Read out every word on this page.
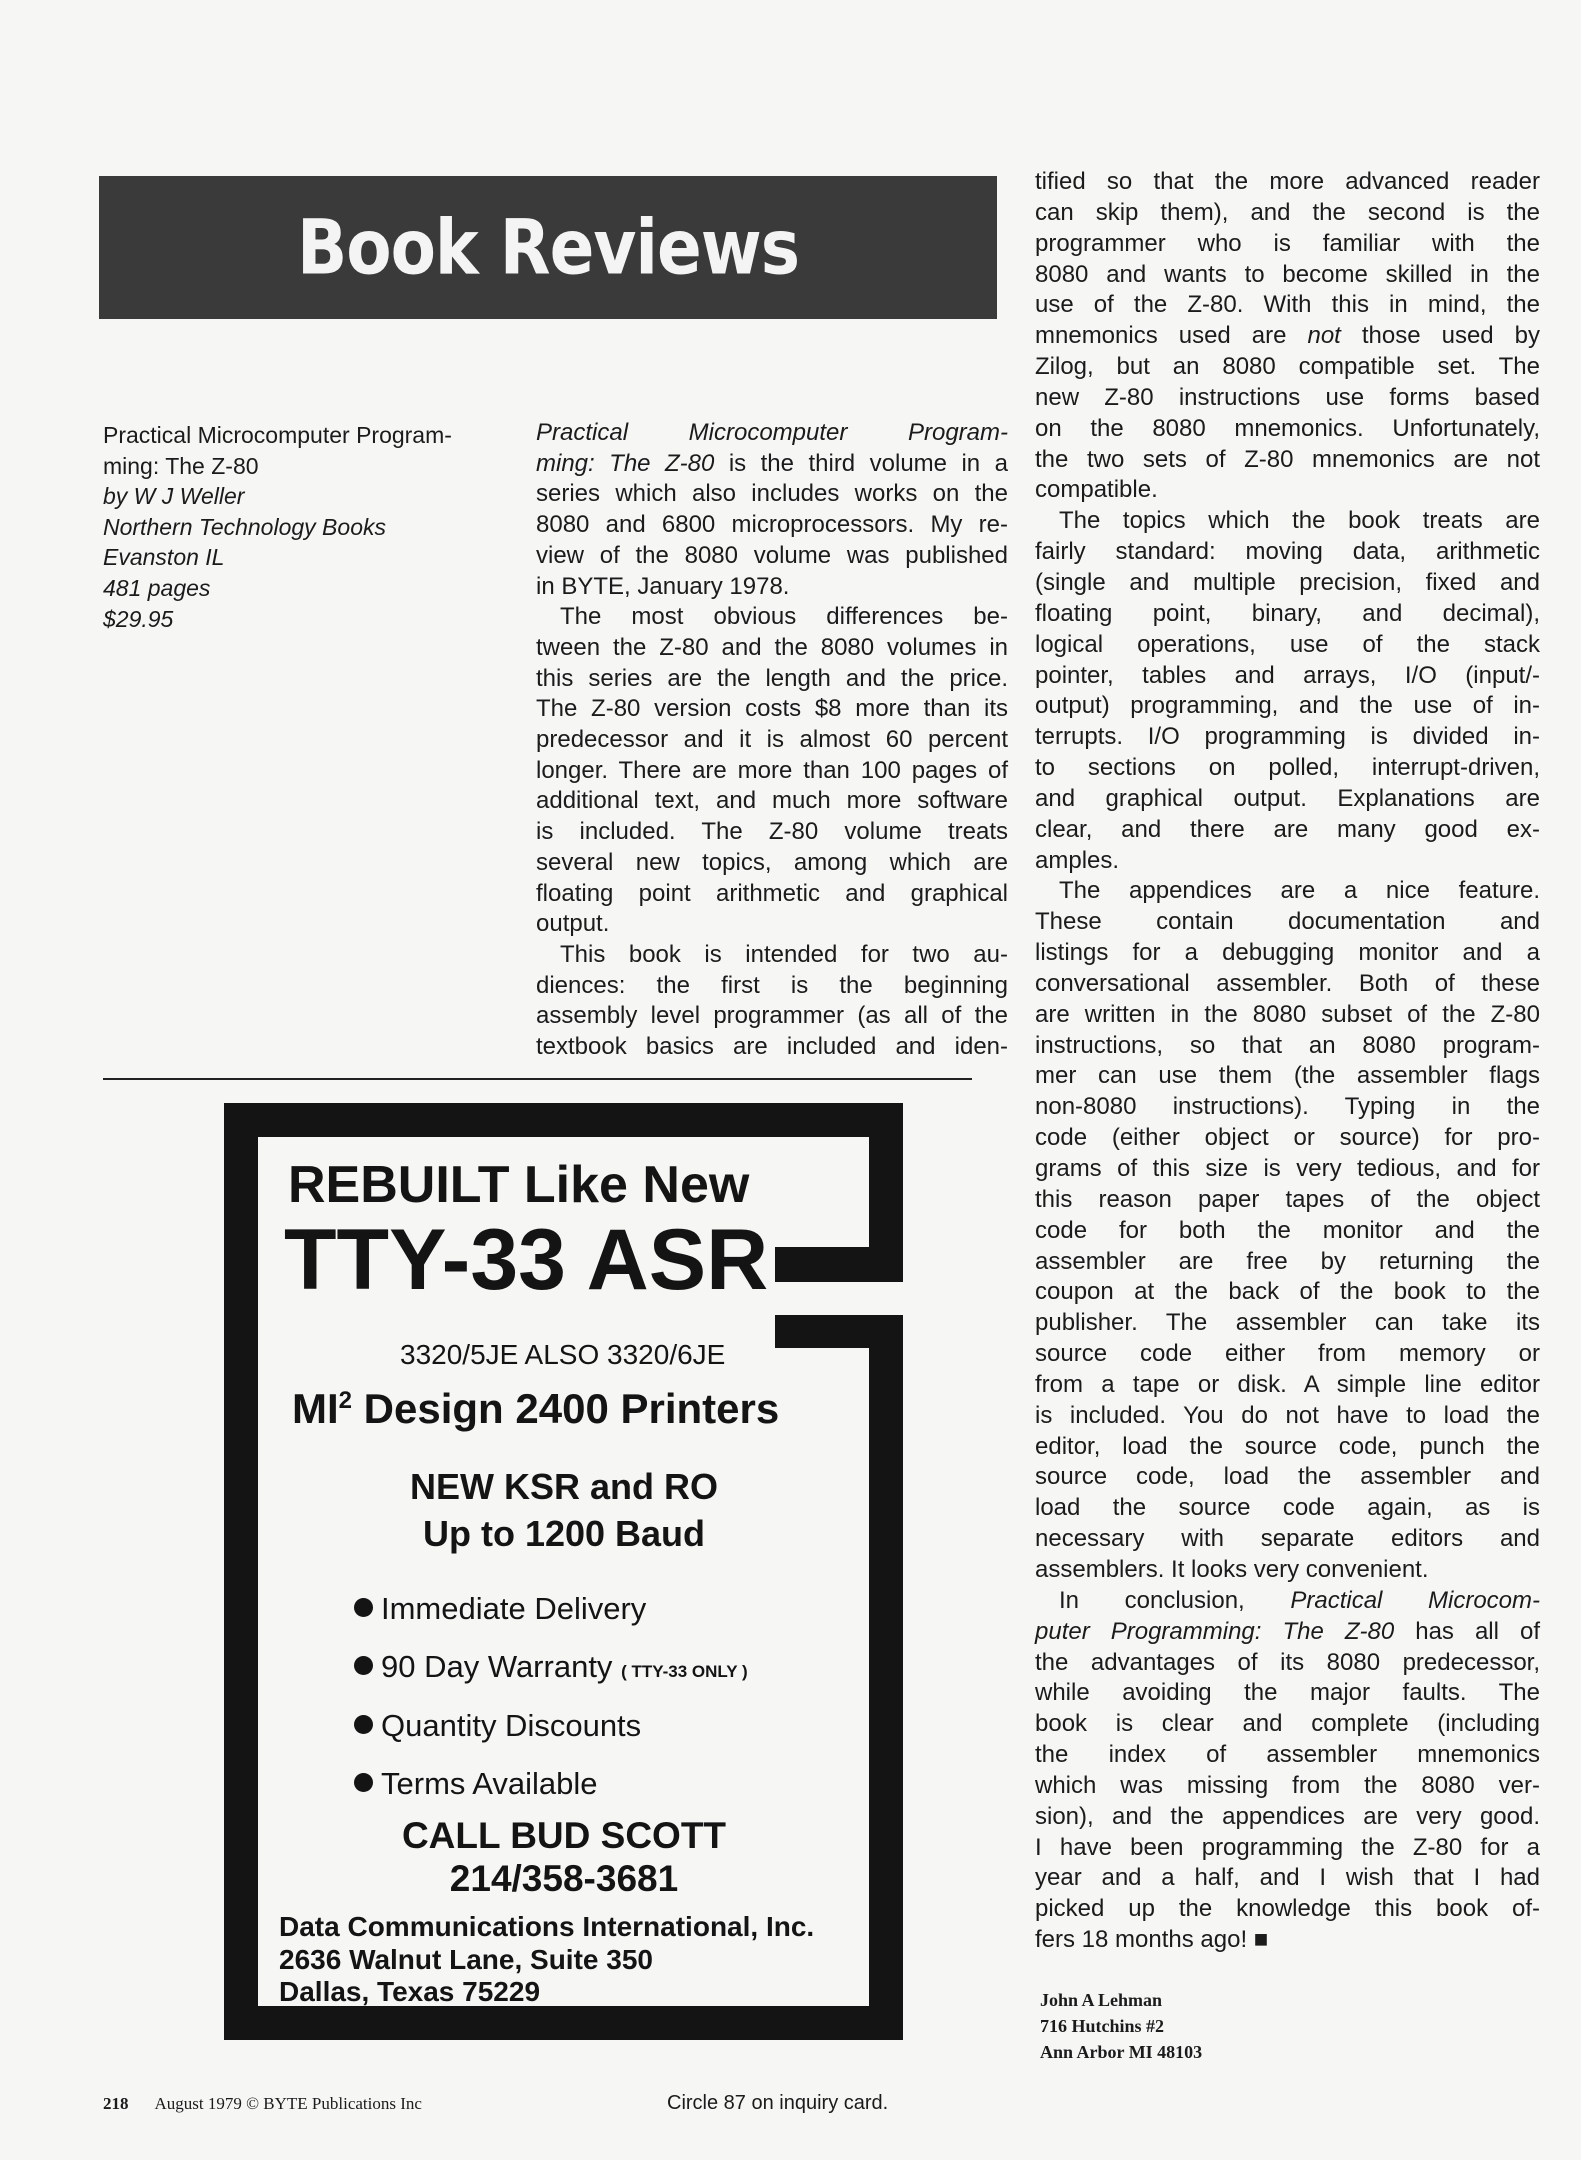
Book Reviews
Practical Microcomputer Program-
ming: The Z-80
by W J Weller
Northern Technology Books
Evanston IL
481 pages
$29.95
Practical Microcomputer Program-
ming: The Z-80 is the third volume in a
series which also includes works on the
8080 and 6800 microprocessors. My re-
view of the 8080 volume was published
in BYTE, January 1978.
The most obvious differences be-
tween the Z-80 and the 8080 volumes in
this series are the length and the price.
The Z-80 version costs $8 more than its
predecessor and it is almost 60 percent
longer. There are more than 100 pages of
additional text, and much more software
is included. The Z-80 volume treats
several new topics, among which are
floating point arithmetic and graphical
output.
This book is intended for two au-
diences: the first is the beginning
assembly level programmer (as all of the
textbook basics are included and iden-
tified so that the more advanced reader
can skip them), and the second is the
programmer who is familiar with the
8080 and wants to become skilled in the
use of the Z-80. With this in mind, the
mnemonics used are not those used by
Zilog, but an 8080 compatible set. The
new Z-80 instructions use forms based
on the 8080 mnemonics. Unfortunately,
the two sets of Z-80 mnemonics are not
compatible.
The topics which the book treats are
fairly standard: moving data, arithmetic
(single and multiple precision, fixed and
floating point, binary, and decimal),
logical operations, use of the stack
pointer, tables and arrays, I/O (input/-
output) programming, and the use of in-
terrupts. I/O programming is divided in-
to sections on polled, interrupt-driven,
and graphical output. Explanations are
clear, and there are many good ex-
amples.
The appendices are a nice feature.
These contain documentation and
listings for a debugging monitor and a
conversational assembler. Both of these
are written in the 8080 subset of the Z-80
instructions, so that an 8080 program-
mer can use them (the assembler flags
non-8080 instructions). Typing in the
code (either object or source) for pro-
grams of this size is very tedious, and for
this reason paper tapes of the object
code for both the monitor and the
assembler are free by returning the
coupon at the back of the book to the
publisher. The assembler can take its
source code either from memory or
from a tape or disk. A simple line editor
is included. You do not have to load the
editor, load the source code, punch the
source code, load the assembler and
load the source code again, as is
necessary with separate editors and
assemblers. It looks very convenient.
In conclusion, Practical Microcom-
puter Programming: The Z-80 has all of
the advantages of its 8080 predecessor,
while avoiding the major faults. The
book is clear and complete (including
the index of assembler mnemonics
which was missing from the 8080 ver-
sion), and the appendices are very good.
I have been programming the Z-80 for a
year and a half, and I wish that I had
picked up the knowledge this book of-
fers 18 months ago! ■
John A Lehman
716 Hutchins #2
Ann Arbor MI 48103
REBUILT Like New
TTY-33 ASR
3320/5JE ALSO 3320/6JE
$MI^2$ Design 2400 Printers
NEW KSR and RO
Up to 1200 Baud
Immediate Delivery
90 Day Warranty ( TTY-33 ONLY )
Quantity Discounts
Terms Available
CALL BUD SCOTT
214/358-3681
Data Communications International, Inc.
2636 Walnut Lane, Suite 350
Dallas, Texas 75229
218 August 1979 © BYTE Publications Inc	Circle 87 on inquiry card.
